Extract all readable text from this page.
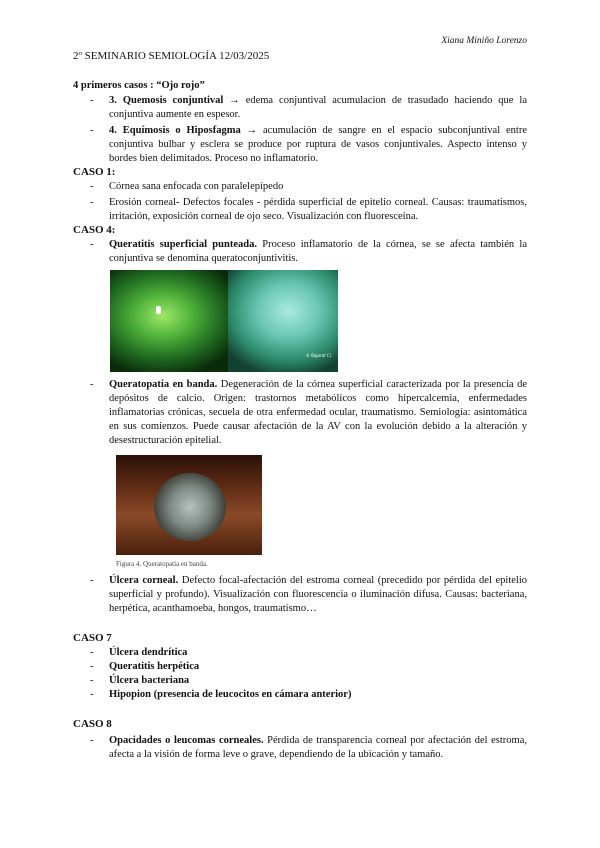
Xiana Miniño Lorenzo
2º SEMINARIO SEMIOLOGÍA 12/03/2025
4 primeros casos : “Ojo rojo”
- 3. Quemosis conjuntival → edema conjuntival acumulacion de trasudado haciendo que la conjuntiva aumente en espesor.
- 4. Equímosis o Hiposfagma → acumulación de sangre en el espacio subconjuntival entre conjuntiva bulbar y esclera se produce por ruptura de vasos conjuntivales. Aspecto intenso y bordes bien delimitados. Proceso no inflamatorio.
CASO 1:
- Córnea sana enfocada con paralelepípedo
- Erosión corneal- Defectos focales - pérdida superficial de epitelio corneal. Causas: traumatismos, irritación, exposición corneal de ojo seco. Visualización con fluoresceína.
CASO 4:
- Queratitis superficial punteada. Proceso inflamatorio de la córnea, se se afecta también la conjuntiva se denomina queratoconjuntivitis.
© Bigaraf Cl.
- Queratopatía en banda. Degeneración de la córnea superficial caracterizada por la presencia de depósitos de calcio. Origen: trastornos metabólicos como hipercalcemia, enfermedades inflamatorias crónicas, secuela de otra enfermedad ocular, traumatismo. Semiología: asintomática en sus comienzos. Puede causar afectación de la AV con la evolución debido a la alteración y desestructuración epitelial.
Figura 4. Queratopatía en banda.
- Úlcera corneal. Defecto focal-afectación del estroma corneal (precedido por pérdida del epitelio superficial y profundo). Visualización con fluorescencia o iluminación difusa. Causas: bacteriana, herpética, acanthamoeba, hongos, traumatismo…
CASO 7
- Úlcera dendrítica
- Queratitis herpética
- Úlcera bacteriana
- Hipopion (presencia de leucocitos en cámara anterior)
CASO 8
- Opacidades o leucomas corneales. Pérdida de transparencia corneal por afectación del estroma, afecta a la visión de forma leve o grave, dependiendo de la ubicación y tamaño.
